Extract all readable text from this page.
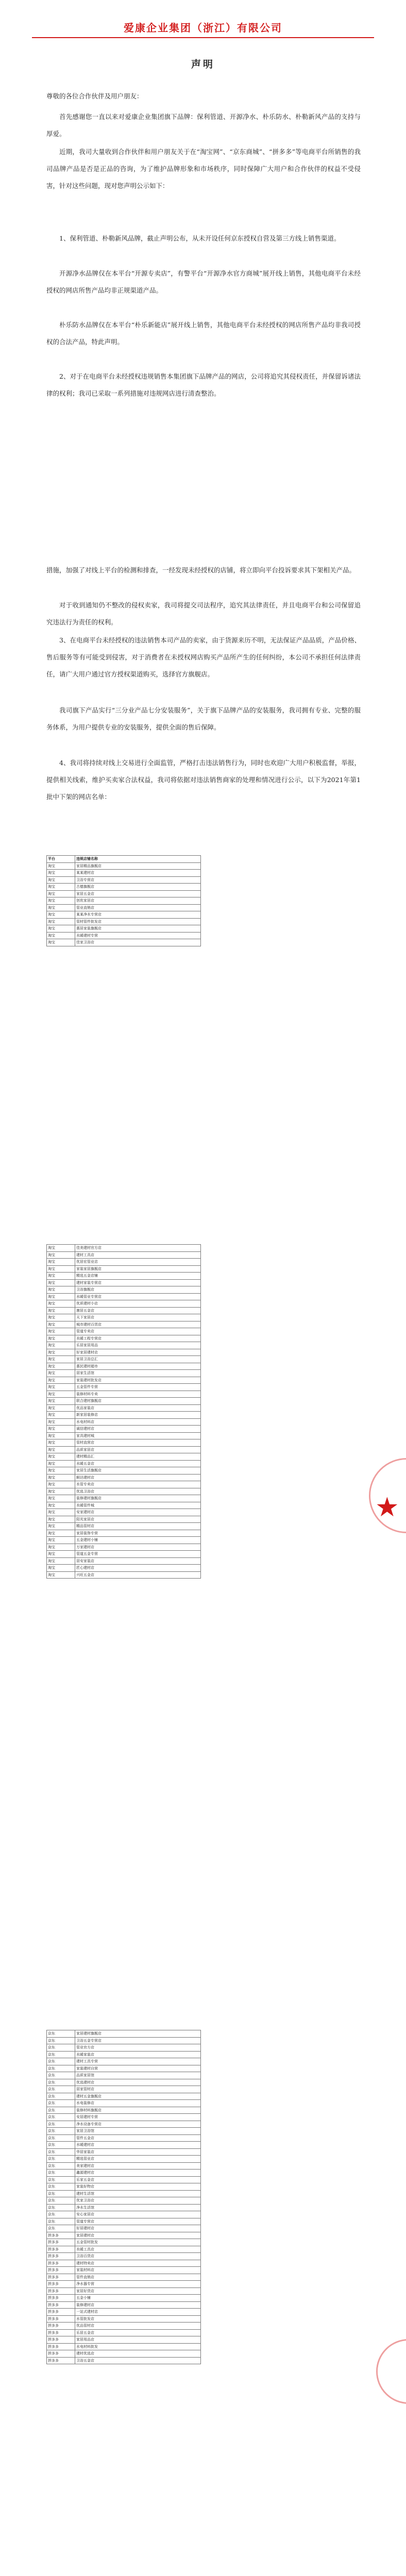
爱康企业集团（浙江）有限公司
声明
尊敬的各位合作伙伴及用户朋友：
首先感谢您一直以来对爱康企业集团旗下品牌：保利管道、开源净水、朴乐防水、朴勒新风产品的支持与厚爱。
近期，我司大量收到合作伙伴和用户朋友关于在“淘宝网”、“京东商城”、“拼多多”等电商平台所销售的我司品牌产品是否是正品的咨询，为了维护品牌形象和市场秩序，同时保障广大用户和合作伙伴的权益不受侵害，针对这些问题，现对您声明公示如下：
1、保利管道、朴勒新风品牌，截止声明公布，从未开设任何京东授权自营及第三方线上销售渠道。
开源净水品牌仅在本平台“开源专卖店”，有警平台“开源净水官方商城”展开线上销售，其他电商平台未经授权的网店所售产品均非正规渠道产品。
朴乐防水品牌仅在本平台“朴乐新能店”展开线上销售，其他电商平台未经授权的网店所售产品均非我司授权的合法产品，特此声明。
2、对于在电商平台未经授权违规销售本集团旗下品牌产品的网店，公司将追究其侵权责任，并保留诉诸法律的权利；我司已采取一系列措施对违规网店进行清查整治。
措施，加强了对线上平台的检测和排查，一经发现未经授权的店铺，将立即向平台投诉要求其下架相关产品。
对于收到通知仍不整改的侵权卖家，我司将提交司法程序，追究其法律责任，并且电商平台和公司保留追究违法行为责任的权利。
3、在电商平台未经授权的违法销售本司产品的卖家，由于货源来历不明，无法保证产品品质，产品价格、售后服务等有可能受到侵害，对于消费者在未授权网店购买产品所产生的任何纠纷，本公司不承担任何法律责任，请广大用户通过官方授权渠道购买，选择官方旗舰店。
我司旗下产品实行“三分业产品七分安装服务”，关于旗下品牌产品的安装服务，我司拥有专业、完整的服务体系，为用户提供专业的安装服务，提供全面的售后保障。
4、我司将持续对线上交易进行全面监管，严格打击违法销售行为，同时也欢迎广大用户积极监督，举报，提供相关线索，维护买卖家合法权益，我司将依据对违法销售商家的处理和情况进行公示，以下为2021年第1批中下架的网店名单：
平台	违规店铺名称
淘宝	家居精品旗舰店
淘宝	某某建材店
淘宝	卫浴专营店
淘宝	古德旗舰店
淘宝	家居五金店
淘宝	创优家居店
淘宝	管业直销店
淘宝	某某净水专营店
淘宝	管材管件批发店
淘宝	惠居家装旗舰店
淘宝	水暖建材专营
淘宝	佳家卫浴店
淘宝	佳美建材官方店
淘宝	建材工具店
淘宝	优居宏管业店
淘宝	家装家居旗舰店
淘宝	精选五金店铺
淘宝	建材家装专营店
淘宝	卫浴旗舰店
淘宝	水暖管业专营店
淘宝	优质建材小店
淘宝	康居五金店
淘宝	天下家居店
淘宝	城市建材百货店
淘宝	管道专卖店
淘宝	水暖工程专营店
淘宝	乐居家居用品
淘宝	好家居建材店
淘宝	家居卫浴总汇
淘宝	惠民建材超市
淘宝	居家生活馆
淘宝	家装建材批发店
淘宝	五金管件专营
淘宝	装修材料专卖
淘宝	联合建材旗舰店
淘宝	优品家装店
淘宝	新家居装修店
淘宝	水电材料店
淘宝	诚信建材店
淘宝	家具建材城
淘宝	管材直营店
淘宝	品质家居店
淘宝	建材精品汇
淘宝	水暖五金店
淘宝	家居生活旗舰店
淘宝	顺达建材店
淘宝	水管专卖店
淘宝	优选卫浴店
淘宝	装修建材旗舰店
淘宝	水暖管件城
淘宝	安家建材店
淘宝	阳光家居店
淘宝	精品管材店
淘宝	家居装饰专营
淘宝	五金建材小铺
淘宝	万家建材店
淘宝	管道五金专营
淘宝	居安家装店
淘宝	匠心建材店
淘宝	兴旺五金店
京东	家居建材旗舰店
京东	卫浴五金专营店
京东	管业官方店
京东	水暖家装店
京东	建材工具专营
京东	家装建材自营
京东	品质家居馆
京东	优选建材店
京东	居家管材店
京东	建材五金旗舰店
京东	水电装修店
京东	装修材料旗舰店
京东	安居建材专营
京东	净水设备专营店
京东	家居卫浴馆
京东	管件五金店
京东	水暖建材店
京东	华居家装店
京东	精选管业店
京东	美家建材店
京东	鑫源建材店
京东	乐家五金店
京东	家装好物店
京东	建材生活馆
京东	优家卫浴店
京东	净水生活馆
京东	安心家居店
京东	管道专营店
京东	好居建材店
拼多多	家居建材店
拼多多	五金管材批发
拼多多	水暖工具店
拼多多	卫浴百货店
拼多多	建材特卖店
拼多多	家装材料店
拼多多	管件直销店
拼多多	净水器专营
拼多多	家居好货店
拼多多	五金小铺
拼多多	装修建材店
拼多多	一站式建材店
拼多多	水管批发店
拼多多	优品管材店
拼多多	乐居五金店
拼多多	家居用品店
拼多多	水电材料批发
拼多多	建材优选店
拼多多	卫浴五金店
★
